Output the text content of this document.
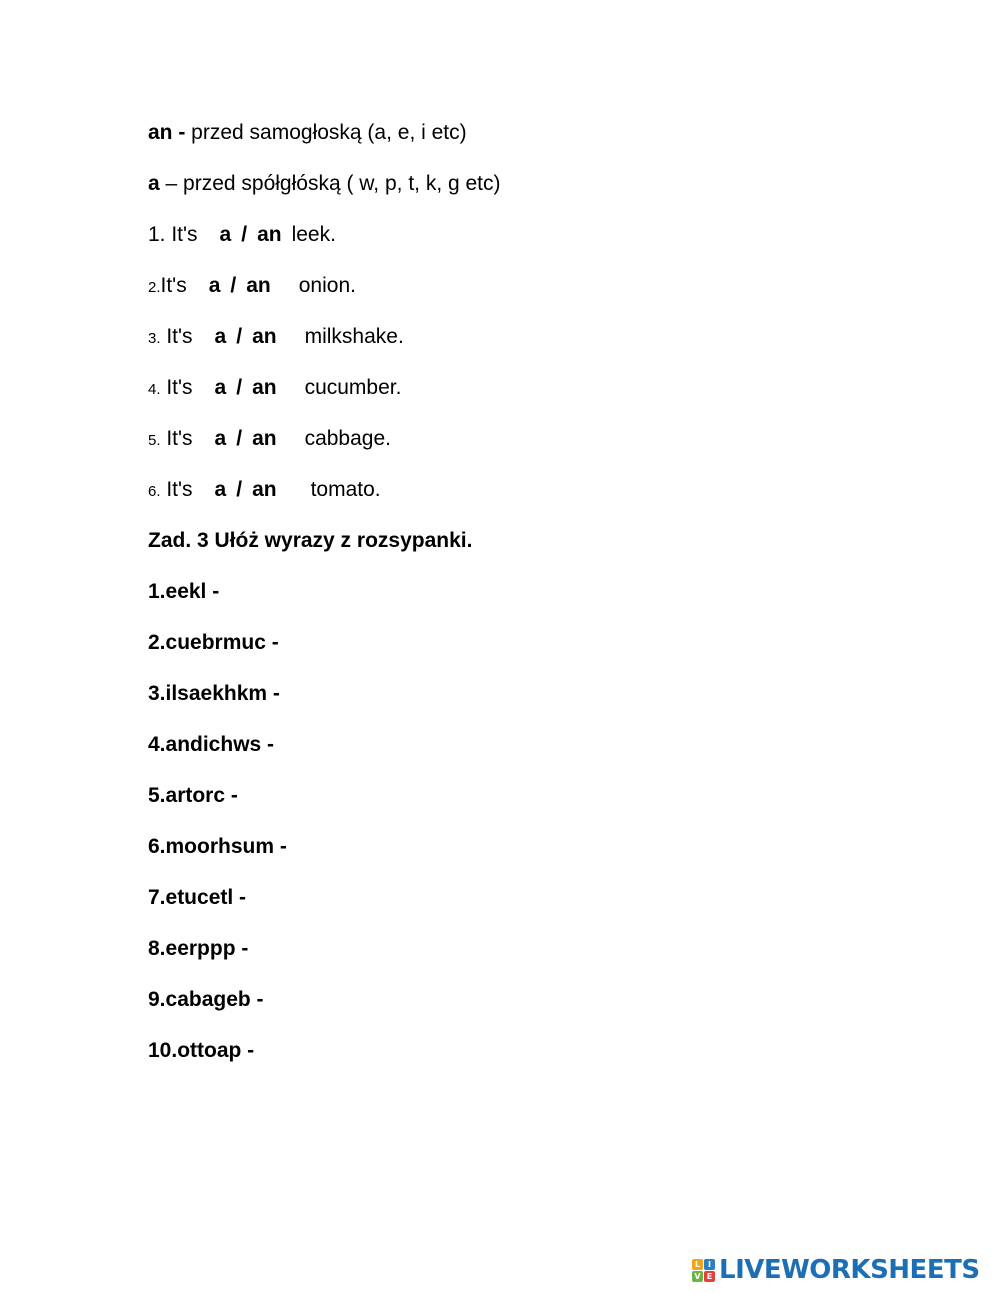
an - przed samogłoską (a, e, i etc)
a – przed spółgłóską ( w, p, t, k, g etc)
1. It's a / an leek.
2.It's a / an onion.
3. It's a / an milkshake.
4. It's a / an cucumber.
5. It's a / an cabbage.
6. It's a / an tomato.
Zad. 3 Ułóż wyrazy z rozsypanki.
1.eekl -
2.cuebrmuc -
3.ilsaekhkm -
4.andichws -
5.artorc -
6.moorhsum -
7.etucetl -
8.eerppp -
9.cabageb -
10.ottoap -
L I
V E LIVEWORKSHEETS
